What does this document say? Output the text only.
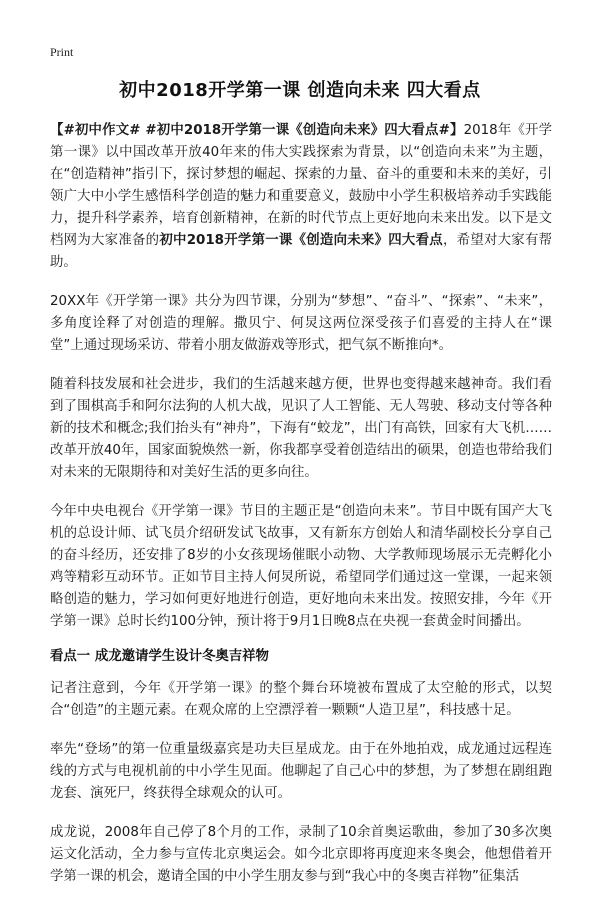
Print
初中2018开学第一课 创造向未来 四大看点

【#初中作文# #初中2018开学第一课《创造向未来》四大看点#】2018年《开学第一课》以中国改革开放40年来的伟大实践探索为背景，以“创造向未来”为主题，在“创造精神”指引下，探讨梦想的崛起、探索的力量、奋斗的重要和未来的美好，引领广大中小学生感悟科学创造的魅力和重要意义，鼓励中小学生积极培养动手实践能力，提升科学素养，培育创新精神，在新的时代节点上更好地向未来出发。以下是文档网为大家准备的初中2018开学第一课《创造向未来》四大看点，希望对大家有帮助。

20XX年《开学第一课》共分为四节课，分别为“梦想”、“奋斗”、“探索”、“未来”，多角度诠释了对创造的理解。撒贝宁、何炅这两位深受孩子们喜爱的主持人在“课堂”上通过现场采访、带着小朋友做游戏等形式，把气氛不断推向*。

随着科技发展和社会进步，我们的生活越来越方便，世界也变得越来越神奇。我们看到了围棋高手和阿尔法狗的人机大战，见识了人工智能、无人驾驶、移动支付等各种新的技术和概念;我们抬头有“神舟”，下海有“蛟龙”，出门有高铁，回家有大飞机……改革开放40年，国家面貌焕然一新，你我都享受着创造结出的硕果，创造也带给我们对未来的无限期待和对美好生活的更多向往。

今年中央电视台《开学第一课》节目的主题正是“创造向未来”。节目中既有国产大飞机的总设计师、试飞员介绍研发试飞故事，又有新东方创始人和清华副校长分享自己的奋斗经历，还安排了8岁的小女孩现场催眠小动物、大学教师现场展示无壳孵化小鸡等精彩互动环节。正如节目主持人何炅所说，希望同学们通过这一堂课，一起来领略创造的魅力，学习如何更好地进行创造，更好地向未来出发。按照安排，今年《开学第一课》总时长约100分钟，预计将于9月1日晚8点在央视一套黄金时间播出。

看点一 成龙邀请学生设计冬奥吉祥物

记者注意到，今年《开学第一课》的整个舞台环境被布置成了太空舱的形式，以契合“创造”的主题元素。在观众席的上空漂浮着一颗颗“人造卫星”，科技感十足。

率先“登场”的第一位重量级嘉宾是功夫巨星成龙。由于在外地拍戏，成龙通过远程连线的方式与电视机前的中小学生见面。他聊起了自己心中的梦想，为了梦想在剧组跑龙套、演死尸，终获得全球观众的认可。

成龙说，2008年自己停了8个月的工作，录制了10余首奥运歌曲，参加了30多次奥运文化活动，全力参与宣传北京奥运会。如今北京即将再度迎来冬奥会，他想借着开学第一课的机会，邀请全国的中小学生朋友参与到“我心中的冬奥吉祥物”征集活
